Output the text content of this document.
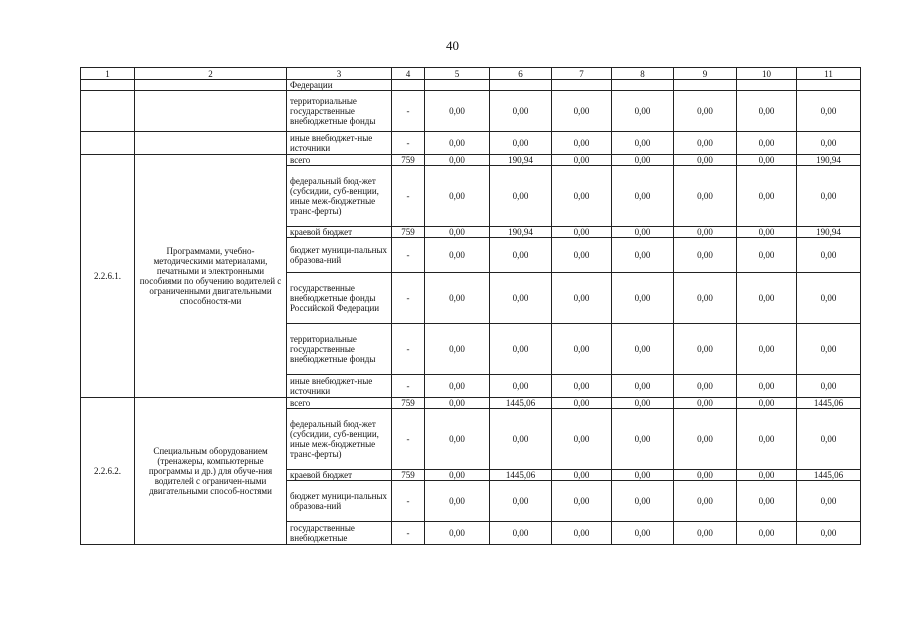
40
1	2	3	4	5	6	7	8	9	10	11
		Федерации								
		территориальные государственные внебюджетные фонды	-	0,00	0,00	0,00	0,00	0,00	0,00	0,00
		иные внебюджет-ные источники	-	0,00	0,00	0,00	0,00	0,00	0,00	0,00
2.2.6.1.	Программами, учебно-методическими материалами, печатными и электронными пособиями по обучению водителей с ограниченными двигательными способностя-ми	всего	759	0,00	190,94	0,00	0,00	0,00	0,00	190,94
		федеральный бюд-жет (субсидии, суб-венции, иные меж-бюджетные транс-ферты)	-	0,00	0,00	0,00	0,00	0,00	0,00	0,00
		краевой бюджет	759	0,00	190,94	0,00	0,00	0,00	0,00	190,94
		бюджет муници-пальных образова-ний	-	0,00	0,00	0,00	0,00	0,00	0,00	0,00
		государственные внебюджетные фонды Российской Федерации	-	0,00	0,00	0,00	0,00	0,00	0,00	0,00
		территориальные государственные внебюджетные фонды	-	0,00	0,00	0,00	0,00	0,00	0,00	0,00
		иные внебюджет-ные источники	-	0,00	0,00	0,00	0,00	0,00	0,00	0,00
2.2.6.2.	Специальным оборудованием (тренажеры, компьютерные программы и др.) для обуче-ния водителей с ограничен-ными двигательными способ-ностями	всего	759	0,00	1445,06	0,00	0,00	0,00	0,00	1445,06
		федеральный бюд-жет (субсидии, суб-венции, иные меж-бюджетные транс-ферты)	-	0,00	0,00	0,00	0,00	0,00	0,00	0,00
		краевой бюджет	759	0,00	1445,06	0,00	0,00	0,00	0,00	1445,06
		бюджет муници-пальных образова-ний	-	0,00	0,00	0,00	0,00	0,00	0,00	0,00
		государственные внебюджетные	-	0,00	0,00	0,00	0,00	0,00	0,00	0,00
